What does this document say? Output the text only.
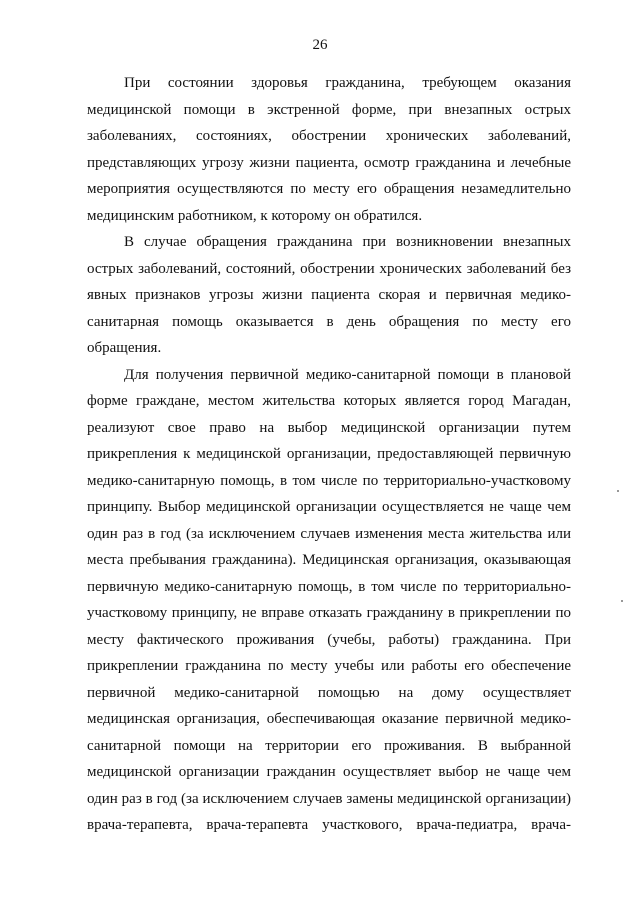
26
При состоянии здоровья гражданина, требующем оказания
медицинской помощи в экстренной форме, при внезапных острых
заболеваниях, состояниях, обострении хронических заболеваний,
представляющих угрозу жизни пациента, осмотр гражданина и лечебные
мероприятия осуществляются по месту его обращения незамедлительно
медицинским работником, к которому он обратился.
В случае обращения гражданина при возникновении внезапных
острых заболеваний, состояний, обострении хронических заболеваний без
явных признаков угрозы жизни пациента скорая и первичная медико-
санитарная помощь оказывается в день обращения по месту его
обращения.
Для получения первичной медико-санитарной помощи в плановой
форме граждане, местом жительства которых является город Магадан,
реализуют свое право на выбор медицинской организации путем
прикрепления к медицинской организации, предоставляющей первичную
медико-санитарную помощь, в том числе по территориально-участковому
принципу. Выбор медицинской организации осуществляется не чаще чем
один раз в год (за исключением случаев изменения места жительства или
места пребывания гражданина). Медицинская организация, оказывающая
первичную медико-санитарную помощь, в том числе по территориально-
участковому принципу, не вправе отказать гражданину в прикреплении по
месту фактического проживания (учебы, работы) гражданина. При
прикреплении гражданина по месту учебы или работы его обеспечение
первичной медико-санитарной помощью на дому осуществляет
медицинская организация, обеспечивающая оказание первичной медико-
санитарной помощи на территории его проживания. В выбранной
медицинской организации гражданин осуществляет выбор не чаще чем
один раз в год (за исключением случаев замены медицинской организации)
врача-терапевта, врача-терапевта участкового, врача-педиатра, врача-
